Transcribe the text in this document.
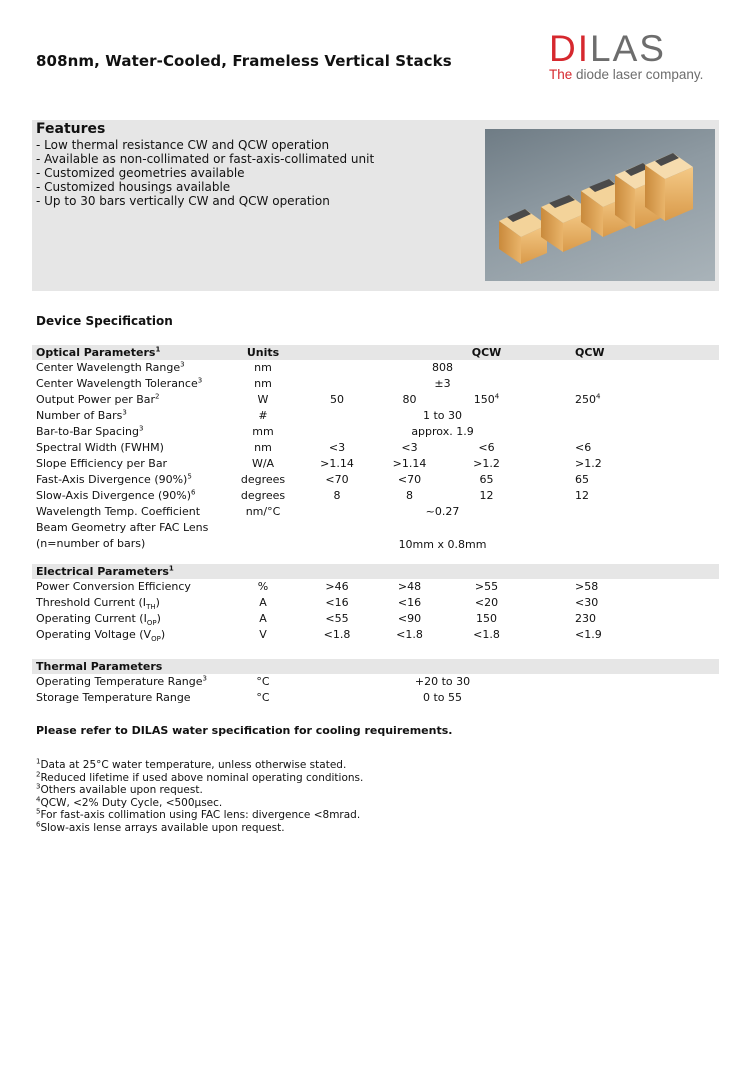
808nm, Water-Cooled, Frameless Vertical Stacks	DILAS
The diode laser company.
Features
- Low thermal resistance CW and QCW operation
- Available as non-collimated or fast-axis-collimated unit
- Customized geometries available
- Customized housings available
- Up to 30 bars vertically CW and QCW operation
Device Specification
Optical Parameters$^1$	Units			QCW	QCW
Center Wavelength Range$^3$	nm	808			
Center Wavelength Tolerance$^3$	nm	±3			
Output Power per Bar$^2$	W	50	80	$150^4$	$250^4$
Number of Bars$^3$	#	1 to 30			
Bar-to-Bar Spacing$^3$	mm	approx. 1.9			
Spectral Width (FWHM)	nm	<3	<3	<6	<6
Slope Efficiency per Bar	W/A	>1.14	>1.14	>1.2	>1.2
Fast-Axis Divergence $(90\%)^5$	degrees	<70	<70	65	65
Slow-Axis Divergence $(90\%)^6$	degrees	8	8	12	12
Wavelength Temp. Coefficient	nm/°C	~0.27			

Beam Geometry after FAC Lens
(n=number of bars)		10mm x 0.8mm			
Electrical Parameters$^1$					
Power Conversion Efficiency	%	>46	>48	>55	>58
Threshold Current $(I_{TH})$	A	<16	<16	<20	<30
Operating Current $(I_{OP})$	A	<55	<90	150	230
Operating Voltage $(V_{OP})$	V	<1.8	<1.8	<1.8	<1.9
Thermal Parameters					
Operating Temperature Range$^3$	°C	+20 to 30			
Storage Temperature Range	°C	0 to 55			
Please refer to DILAS water specification for cooling requirements.
$^1$Data at 25°C water temperature, unless otherwise stated.
$^2$Reduced lifetime if used above nominal operating conditions.
$^3$Others available upon request.
$^4$QCW, <2% Duty Cycle, <500µsec.
$^5$For fast-axis collimation using FAC lens: divergence <8mrad.
$^6$Slow-axis lense arrays available upon request.
